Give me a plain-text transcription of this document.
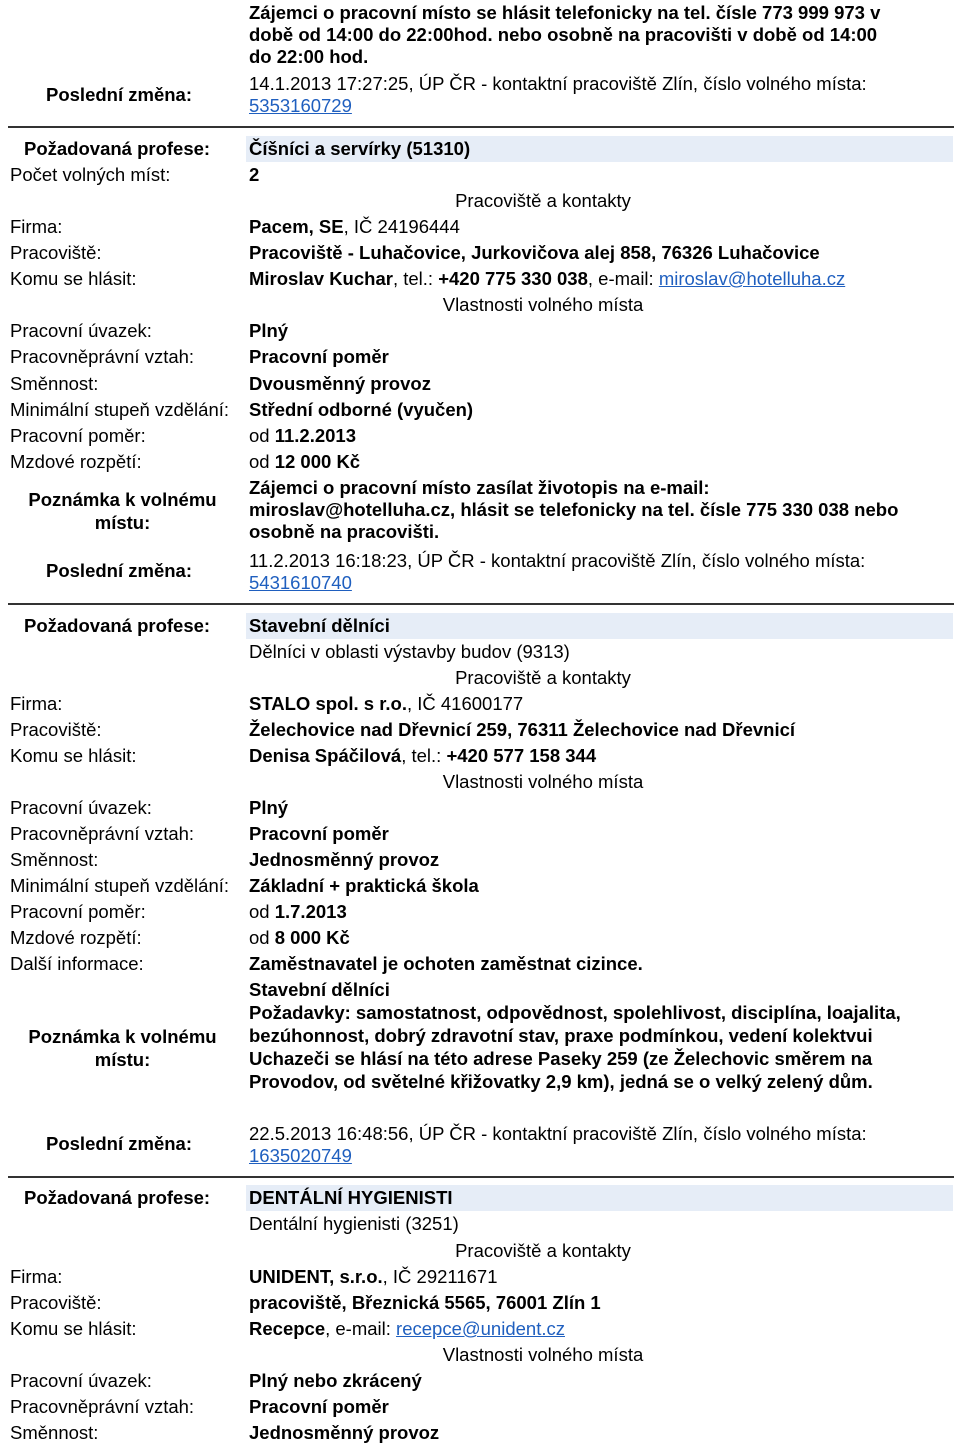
Zájemci o pracovní místo se hlásit telefonicky na tel. čísle 773 999 973 v
době od 14:00 do 22:00hod. nebo osobně na pracovišti v době od 14:00
do 22:00 hod.
Poslední změna:
14.1.2013 17:27:25, ÚP ČR - kontaktní pracoviště Zlín, číslo volného místa:
5353160729
Požadovaná profese: Číšníci a servírky (51310)
Počet volných míst:	2
Pracoviště a kontakty
Firma:	Pacem, SE, IČ 24196444
Pracoviště:	Pracoviště - Luhačovice, Jurkovičova alej 858, 76326 Luhačovice
Komu se hlásit:	Miroslav Kuchar, tel.: +420 775 330 038, e-mail: miroslav@hotelluha.cz
Vlastnosti volného místa
Pracovní úvazek:	Plný
Pracovněprávní vztah:	Pracovní poměr
Směnnost:	Dvousměnný provoz
Minimální stupeň vzdělání: Střední odborné (vyučen)
Pracovní poměr:	od 11.2.2013
Mzdové rozpětí:	od 12 000 Kč
Poznámka k volnému místu:
Zájemci o pracovní místo zasílat životopis na e-mail:
miroslav@hotelluha.cz, hlásit se telefonicky na tel. čísle 775 330 038 nebo
osobně na pracovišti.
Poslední změna:	11.2.2013 16:18:23, ÚP ČR - kontaktní pracoviště Zlín, číslo volného místa:
5431610740
Požadovaná profese: Stavební dělníci
Dělníci v oblasti výstavby budov (9313)
Pracoviště a kontakty
Firma:	STALO spol. s r.o., IČ 41600177
Pracoviště:	Želechovice nad Dřevnicí 259, 76311 Želechovice nad Dřevnicí
Komu se hlásit:	Denisa Spáčilová, tel.: +420 577 158 344
Vlastnosti volného místa
Pracovní úvazek:	Plný
Pracovněprávní vztah:	Pracovní poměr
Směnnost:	Jednosměnný provoz
Minimální stupeň vzdělání: Základní + praktická škola
Pracovní poměr:	od 1.7.2013
Mzdové rozpětí:	od 8 000 Kč
Další informace:	Zaměstnavatel je ochoten zaměstnat cizince.
Poznámka k volnému místu:
Stavební dělníci
Požadavky: samostatnost, odpovědnost, spolehlivost, disciplína, loajalita,
bezúhonnost, dobrý zdravotní stav, praxe podmínkou, vedení kolektvui
Uchazeči se hlásí na této adrese Paseky 259 (ze Želechovic směrem na
Provodov, od světelné křižovatky 2,9 km), jedná se o velký zelený dům.
Poslední změna:	22.5.2013 16:48:56, ÚP ČR - kontaktní pracoviště Zlín, číslo volného místa:
1635020749
Požadovaná profese: DENTÁLNÍ HYGIENISTI
Dentální hygienisti (3251)
Pracoviště a kontakty
Firma:	UNIDENT, s.r.o., IČ 29211671
Pracoviště:	pracoviště, Březnická 5565, 76001 Zlín 1
Komu se hlásit:	Recepce, e-mail: recepce@unident.cz
Vlastnosti volného místa
Pracovní úvazek:	Plný nebo zkrácený
Pracovněprávní vztah:	Pracovní poměr
Směnnost:	Jednosměnný provoz
